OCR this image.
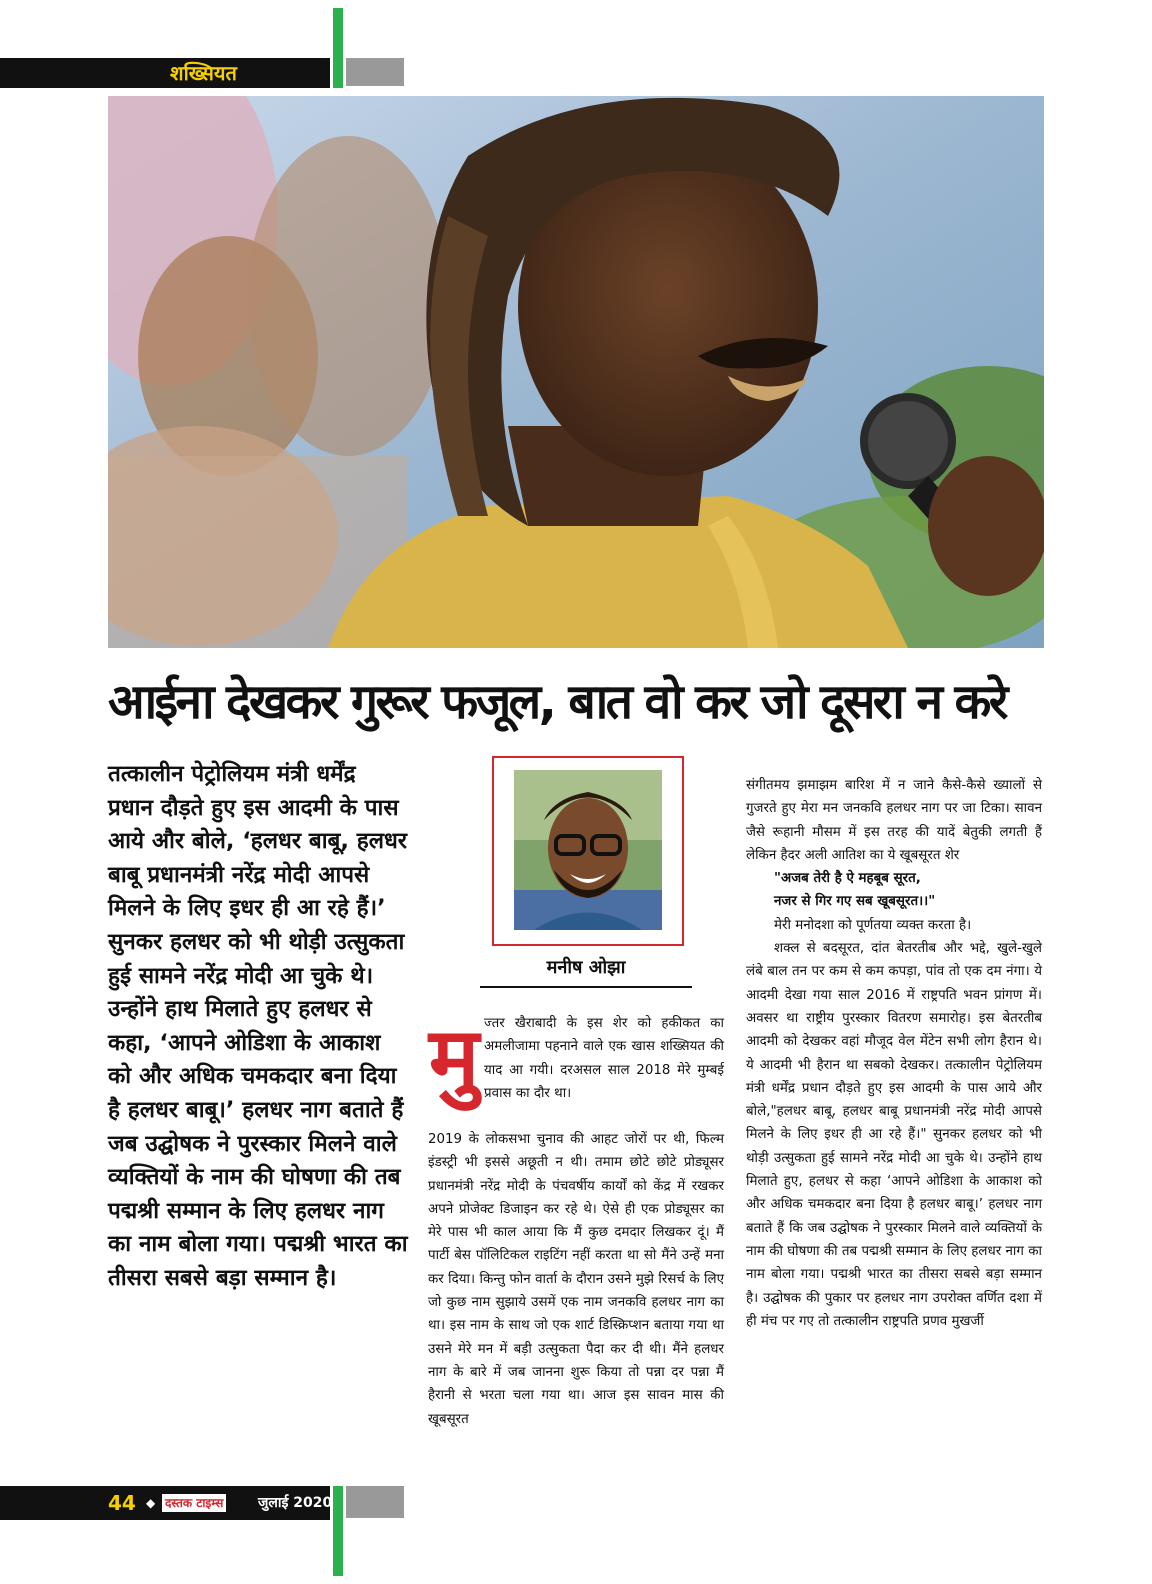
शख्सियत
आईना देखकर गुरूर फजूल, बात वो कर जो दूसरा न करे
तत्कालीन पेट्रोलियम मंत्री धर्मेंद्र प्रधान दौड़ते हुए इस आदमी के पास आये और बोले, ‘हलधर बाबू, हलधर बाबू प्रधानमंत्री नरेंद्र मोदी आपसे मिलने के लिए इधर ही आ रहे हैं।’ सुनकर हलधर को भी थोड़ी उत्सुकता हुई सामने नरेंद्र मोदी आ चुके थे। उन्होंने हाथ मिलाते हुए हलधर से कहा, ‘आपने ओडिशा के आकाश को और अधिक चमकदार बना दिया है हलधर बाबू।’ हलधर नाग बताते हैं जब उद्घोषक ने पुरस्कार मिलने वाले व्यक्तियों के नाम की घोषणा की तब पद्मश्री सम्मान के लिए हलधर नाग का नाम बोला गया। पद्मश्री भारत का तीसरा सबसे बड़ा सम्मान है।
मनीष ओझा
मु ज्तर खैराबादी के इस शेर को हकीकत का अमलीजामा पहनाने वाले एक खास शख्सियत की याद आ गयी। दरअसल साल 2018 मेरे मुम्बई प्रवास का दौर था।
2019 के लोकसभा चुनाव की आहट जोरों पर थी, फिल्म इंडस्ट्री भी इससे अछूती न थी। तमाम छोटे छोटे प्रोड्यूसर प्रधानमंत्री नरेंद्र मोदी के पंचवर्षीय कार्यों को केंद्र में रखकर अपने प्रोजेक्ट डिजाइन कर रहे थे। ऐसे ही एक प्रोड्यूसर का मेरे पास भी काल आया कि मैं कुछ दमदार लिखकर दूं। मैं पार्टी बेस पॉलिटिकल राइटिंग नहीं करता था सो मैंने उन्हें मना कर दिया। किन्तु फोन वार्ता के दौरान उसने मुझे रिसर्च के लिए जो कुछ नाम सुझाये उसमें एक नाम जनकवि हलधर नाग का था। इस नाम के साथ जो एक शार्ट डिस्क्रिप्शन बताया गया था उसने मेरे मन में बड़ी उत्सुकता पैदा कर दी थी। मैंने हलधर नाग के बारे में जब जानना शुरू किया तो पन्ना दर पन्ना मैं हैरानी से भरता चला गया था। आज इस सावन मास की खूबसूरत

संगीतमय झमाझम बारिश में न जाने कैसे-कैसे ख्यालों से गुजरते हुए मेरा मन जनकवि हलधर नाग पर जा टिका। सावन जैसे रूहानी मौसम में इस तरह की यादें बेतुकी लगती हैं लेकिन हैदर अली आतिश का ये खूबसूरत शेर

"अजब तेरी है ऐ महबूब सूरत,

नजर से गिर गए सब खूबसूरत।।"

मेरी मनोदशा को पूर्णतया व्यक्त करता है।

शक्ल से बदसूरत, दांत बेतरतीब और भद्दे, खुले-खुले लंबे बाल तन पर कम से कम कपड़ा, पांव तो एक दम नंगा। ये आदमी देखा गया साल 2016 में राष्ट्रपति भवन प्रांगण में। अवसर था राष्ट्रीय पुरस्कार वितरण समारोह। इस बेतरतीब आदमी को देखकर वहां मौजूद वेल मेंटेन सभी लोग हैरान थे। ये आदमी भी हैरान था सबको देखकर। तत्कालीन पेट्रोलियम मंत्री धर्मेंद्र प्रधान दौड़ते हुए इस आदमी के पास आये और बोले,"हलधर बाबू, हलधर बाबू प्रधानमंत्री नरेंद्र मोदी आपसे मिलने के लिए इधर ही आ रहे हैं।" सुनकर हलधर को भी थोड़ी उत्सुकता हुई सामने नरेंद्र मोदी आ चुके थे। उन्होंने हाथ मिलाते हुए, हलधर से कहा ‘आपने ओडिशा के आकाश को और अधिक चमकदार बना दिया है हलधर बाबू।’ हलधर नाग बताते हैं कि जब उद्घोषक ने पुरस्कार मिलने वाले व्यक्तियों के नाम की घोषणा की तब पद्मश्री सम्मान के लिए हलधर नाग का नाम बोला गया। पद्मश्री भारत का तीसरा सबसे बड़ा सम्मान है। उद्घोषक की पुकार पर हलधर नाग उपरोक्त वर्णित दशा में ही मंच पर गए तो तत्कालीन राष्ट्रपति प्रणव मुखर्जी

44 ◆ दस्तक टाइम्स जुलाई 2020
